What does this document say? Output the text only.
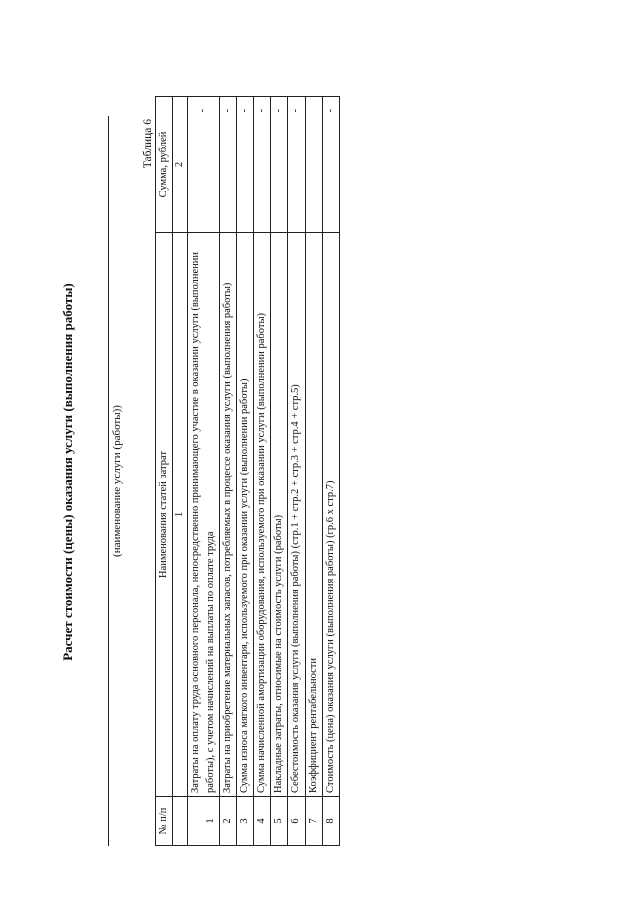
Расчет стоимости (цены) оказания услуги (выполнения работы)	(наименование услуги (работы))
Таблица 6
№ п/п	Наименования статей затрат	Сумма, рублей
	1	2
1	Затраты на оплату труда основного персонала, непосредственно принимающего участие в оказании услуги (выполнении работы), с учетом начислений на выплаты по оплате труда	-
2	Затраты на приобретение материальных запасов, потребляемых в процессе оказания услуги (выполнения работы)	-
3	Сумма износа мягкого инвентаря, используемого при оказании услуги (выполнении работы)	-
4	Сумма начисленной амортизации оборудования, используемого при оказании услуги (выполнении работы)	-
5	Накладные затраты, относимые на стоимость услуги (работы)	-
6	Себестоимость оказания услуги (выполнения работы) (стр.1 + стр.2 + стр.3 + стр.4 + стр.5)	-
7	Коэффициент рентабельности	
8	Стоимость (цена) оказания услуги (выполнения работы) (гр.6 х стр.7)	-
